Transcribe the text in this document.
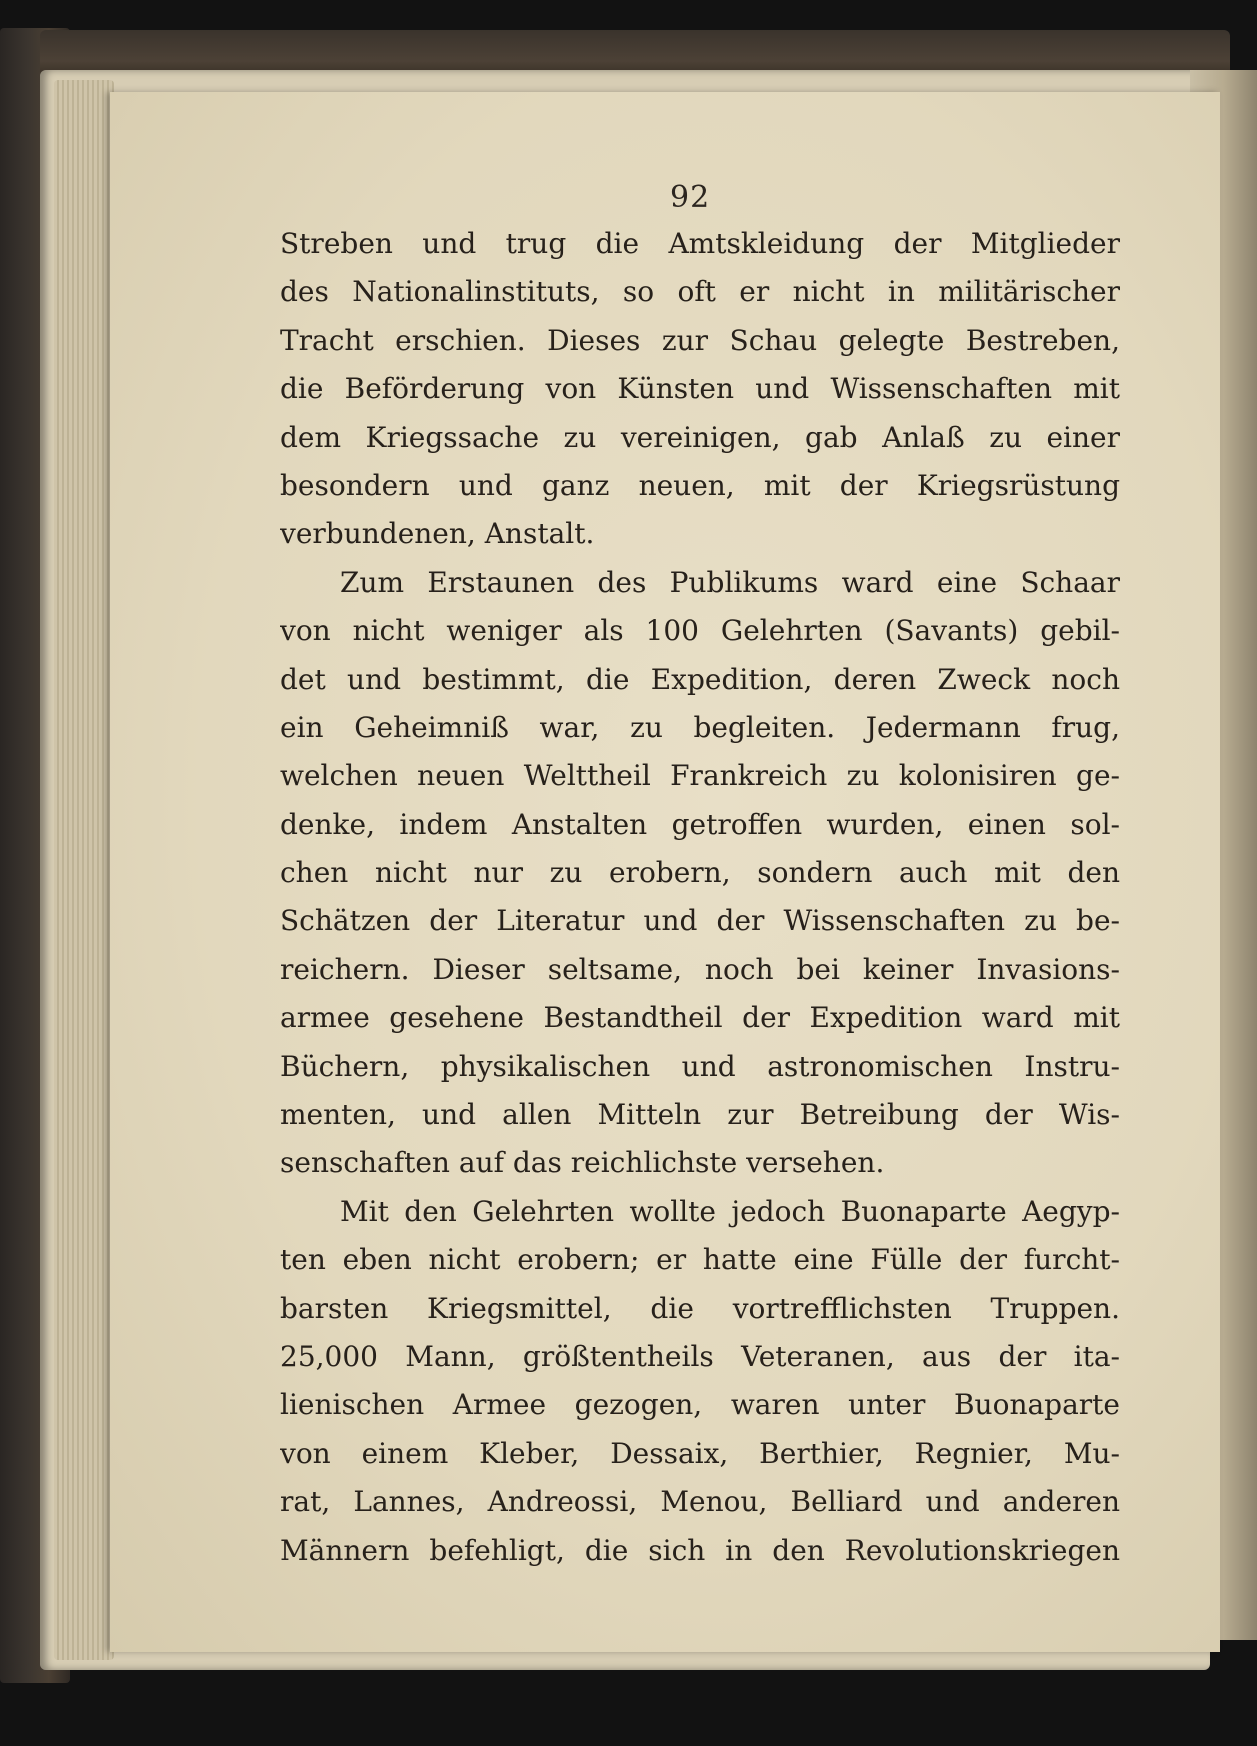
92
Streben und trug die Amtskleidung der Mitglieder
des Nationalinstituts, so oft er nicht in militärischer
Tracht erschien. Dieses zur Schau gelegte Bestreben,
die Beförderung von Künsten und Wissenschaften mit
dem Kriegssache zu vereinigen, gab Anlaß zu einer
besondern und ganz neuen, mit der Kriegsrüstung
verbundenen, Anstalt.
Zum Erstaunen des Publikums ward eine Schaar
von nicht weniger als 100 Gelehrten (Savants) gebil-
det und bestimmt, die Expedition, deren Zweck noch
ein Geheimniß war, zu begleiten. Jedermann frug,
welchen neuen Welttheil Frankreich zu kolonisiren ge-
denke, indem Anstalten getroffen wurden, einen sol-
chen nicht nur zu erobern, sondern auch mit den
Schätzen der Literatur und der Wissenschaften zu be-
reichern. Dieser seltsame, noch bei keiner Invasions-
armee gesehene Bestandtheil der Expedition ward mit
Büchern, physikalischen und astronomischen Instru-
menten, und allen Mitteln zur Betreibung der Wis-
senschaften auf das reichlichste versehen.
Mit den Gelehrten wollte jedoch Buonaparte Aegyp-
ten eben nicht erobern; er hatte eine Fülle der furcht-
barsten Kriegsmittel, die vortrefflichsten Truppen.
25,000 Mann, größtentheils Veteranen, aus der ita-
lienischen Armee gezogen, waren unter Buonaparte
von einem Kleber, Dessaix, Berthier, Regnier, Mu-
rat, Lannes, Andreossi, Menou, Belliard und anderen
Männern befehligt, die sich in den Revolutionskriegen
